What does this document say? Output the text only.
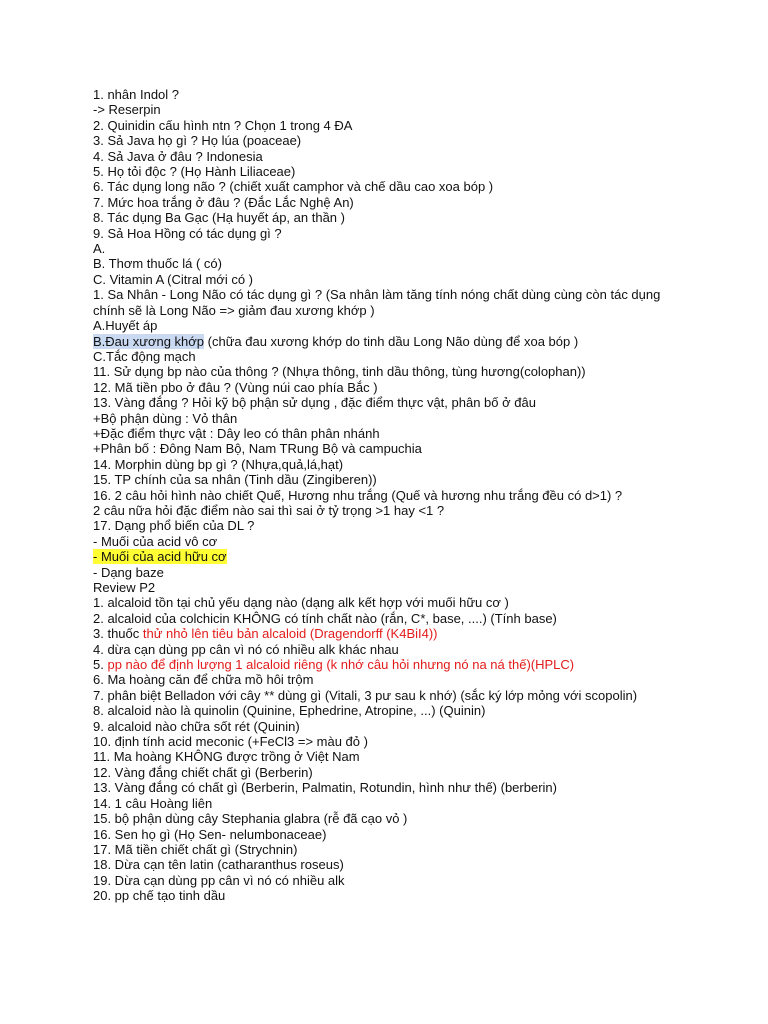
1. nhân Indol ?
-> Reserpin
2. Quinidin cấu hình ntn ? Chọn 1 trong 4 ĐA
3. Sả Java họ gì ? Họ lúa (poaceae)
4. Sả Java ở đâu ? Indonesia
5. Họ tỏi độc ? (Họ Hành Liliaceae)
6. Tác dụng long não ? (chiết xuất camphor và chế dầu cao xoa bóp )
7. Mức hoa trắng ở đâu ? (Đắc Lắc Nghệ An)
8. Tác dụng Ba Gạc (Hạ huyết áp, an thần )
9. Sả Hoa Hồng có tác dụng gì ?
A.
B. Thơm thuốc lá ( có)
C. Vitamin A (Citral mới có )
1. Sa Nhân - Long Não có tác dụng gì ? (Sa nhân làm tăng tính nóng chất dùng cùng còn tác dụng chính sẽ là Long Não => giảm đau xương khớp )
A.Huyết áp
B.Đau xương khớp (chữa đau xương khớp do tinh dầu Long Não dùng để xoa bóp )
C.Tắc động mạch
11. Sử dụng bp nào của thông ? (Nhựa thông, tinh dầu thông, tùng hương(colophan))
12. Mã tiền pbo ở đâu ? (Vùng núi cao phía Bắc )
13. Vàng đắng ? Hỏi kỹ bộ phận sử dụng , đặc điểm thực vật, phân bố ở đâu
+Bộ phận dùng : Vỏ thân
+Đặc điểm thực vật : Dây leo có thân phân nhánh
+Phân bố : Đông Nam Bộ, Nam TRung Bộ và campuchia
14. Morphin dùng bp gì ? (Nhựa,quả,lá,hạt)
15. TP chính của sa nhân (Tinh dầu (Zingiberen))
16. 2 câu hỏi hình nào chiết Quế, Hương nhu trắng (Quế và hương nhu trắng đều có d>1) ?
2 câu nữa hỏi đặc điểm nào sai thì sai ở tỷ trọng >1 hay <1 ?
17. Dạng phổ biến của DL ?
- Muối của acid vô cơ
- Muối của acid hữu cơ
- Dạng baze
Review P2
1. alcaloid tồn tại chủ yếu dạng nào (dạng alk kết hợp với muối hữu cơ )
2. alcaloid của colchicin KHÔNG có tính chất nào (rắn, C*, base, ....) (Tính base)
3. thuốc thử nhỏ lên tiêu bản alcaloid (Dragendorff (K4BiI4))
4. dừa cạn dùng pp cân vì nó có nhiều alk khác nhau
5. pp nào để định lượng 1 alcaloid riêng (k nhớ câu hỏi nhưng nó na ná thế)(HPLC)
6. Ma hoàng căn để chữa mồ hôi trộm
7. phân biệt Belladon với cây ** dùng gì (Vitali, 3 pư sau k nhớ) (sắc ký lớp mỏng với scopolin)
8. alcaloid nào là quinolin (Quinine, Ephedrine, Atropine, ...) (Quinin)
9. alcaloid nào chữa sốt rét (Quinin)
10. định tính acid meconic (+FeCl3 => màu đỏ )
11. Ma hoàng KHÔNG được trồng ở Việt Nam
12. Vàng đắng chiết chất gì (Berberin)
13. Vàng đắng có chất gì (Berberin, Palmatin, Rotundin, hình như thế) (berberin)
14. 1 câu Hoàng liên
15. bộ phận dùng cây Stephania glabra (rễ đã cạo vỏ )
16. Sen họ gì (Họ Sen- nelumbonaceae)
17. Mã tiền chiết chất gì (Strychnin)
18. Dừa cạn tên latin (catharanthus roseus)
19. Dừa cạn dùng pp cân vì nó có nhiều alk
20. pp chế tạo tinh dầu
